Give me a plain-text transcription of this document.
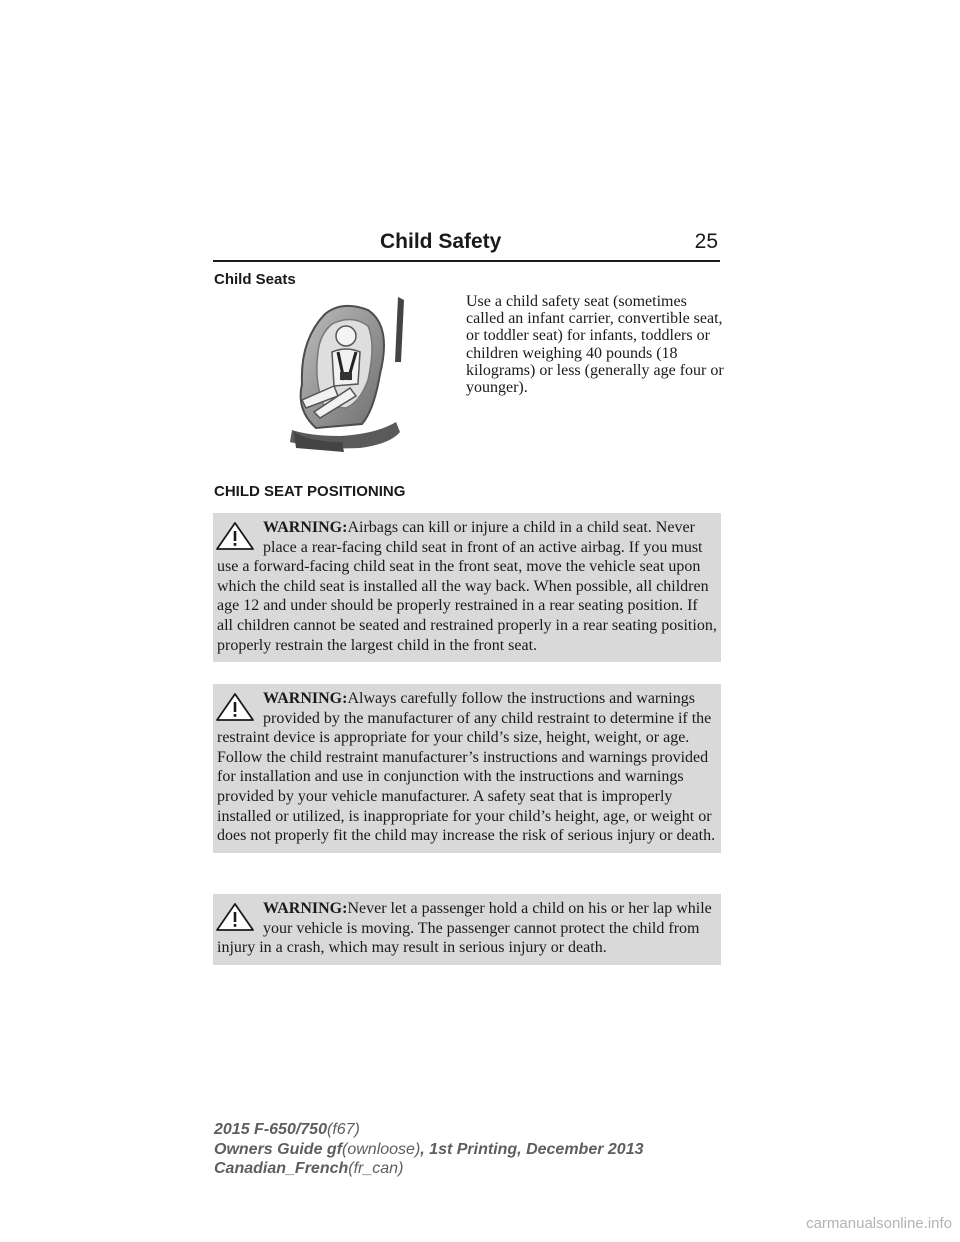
Child Safety	25
Child Seats
Use a child safety seat (sometimes called an infant carrier, convertible seat, or toddler seat) for infants, toddlers or children weighing 40 pounds (18 kilograms) or less (generally age four or younger).
CHILD SEAT POSITIONING

WARNING:Airbags can kill or injure a child in a child seat. Never place a rear-facing child seat in front of an active airbag. If you must use a forward-facing child seat in the front seat, move the vehicle seat upon which the child seat is installed all the way back. When possible, all children age 12 and under should be properly restrained in a rear seating position. If all children cannot be seated and restrained properly in a rear seating position, properly restrain the largest child in the front seat.

WARNING:Always carefully follow the instructions and warnings provided by the manufacturer of any child restraint to determine if the restraint device is appropriate for your child’s size, height, weight, or age. Follow the child restraint manufacturer’s instructions and warnings provided for installation and use in conjunction with the instructions and warnings provided by your vehicle manufacturer. A safety seat that is improperly installed or utilized, is inappropriate for your child’s height, age, or weight or does not properly fit the child may increase the risk of serious injury or death.

WARNING:Never let a passenger hold a child on his or her lap while your vehicle is moving. The passenger cannot protect the child from injury in a crash, which may result in serious injury or death.

2015 F-650/750(f67)
Owners Guide gf(ownloose), 1st Printing, December 2013
Canadian_French(fr_can)
carmanualsonline.info
